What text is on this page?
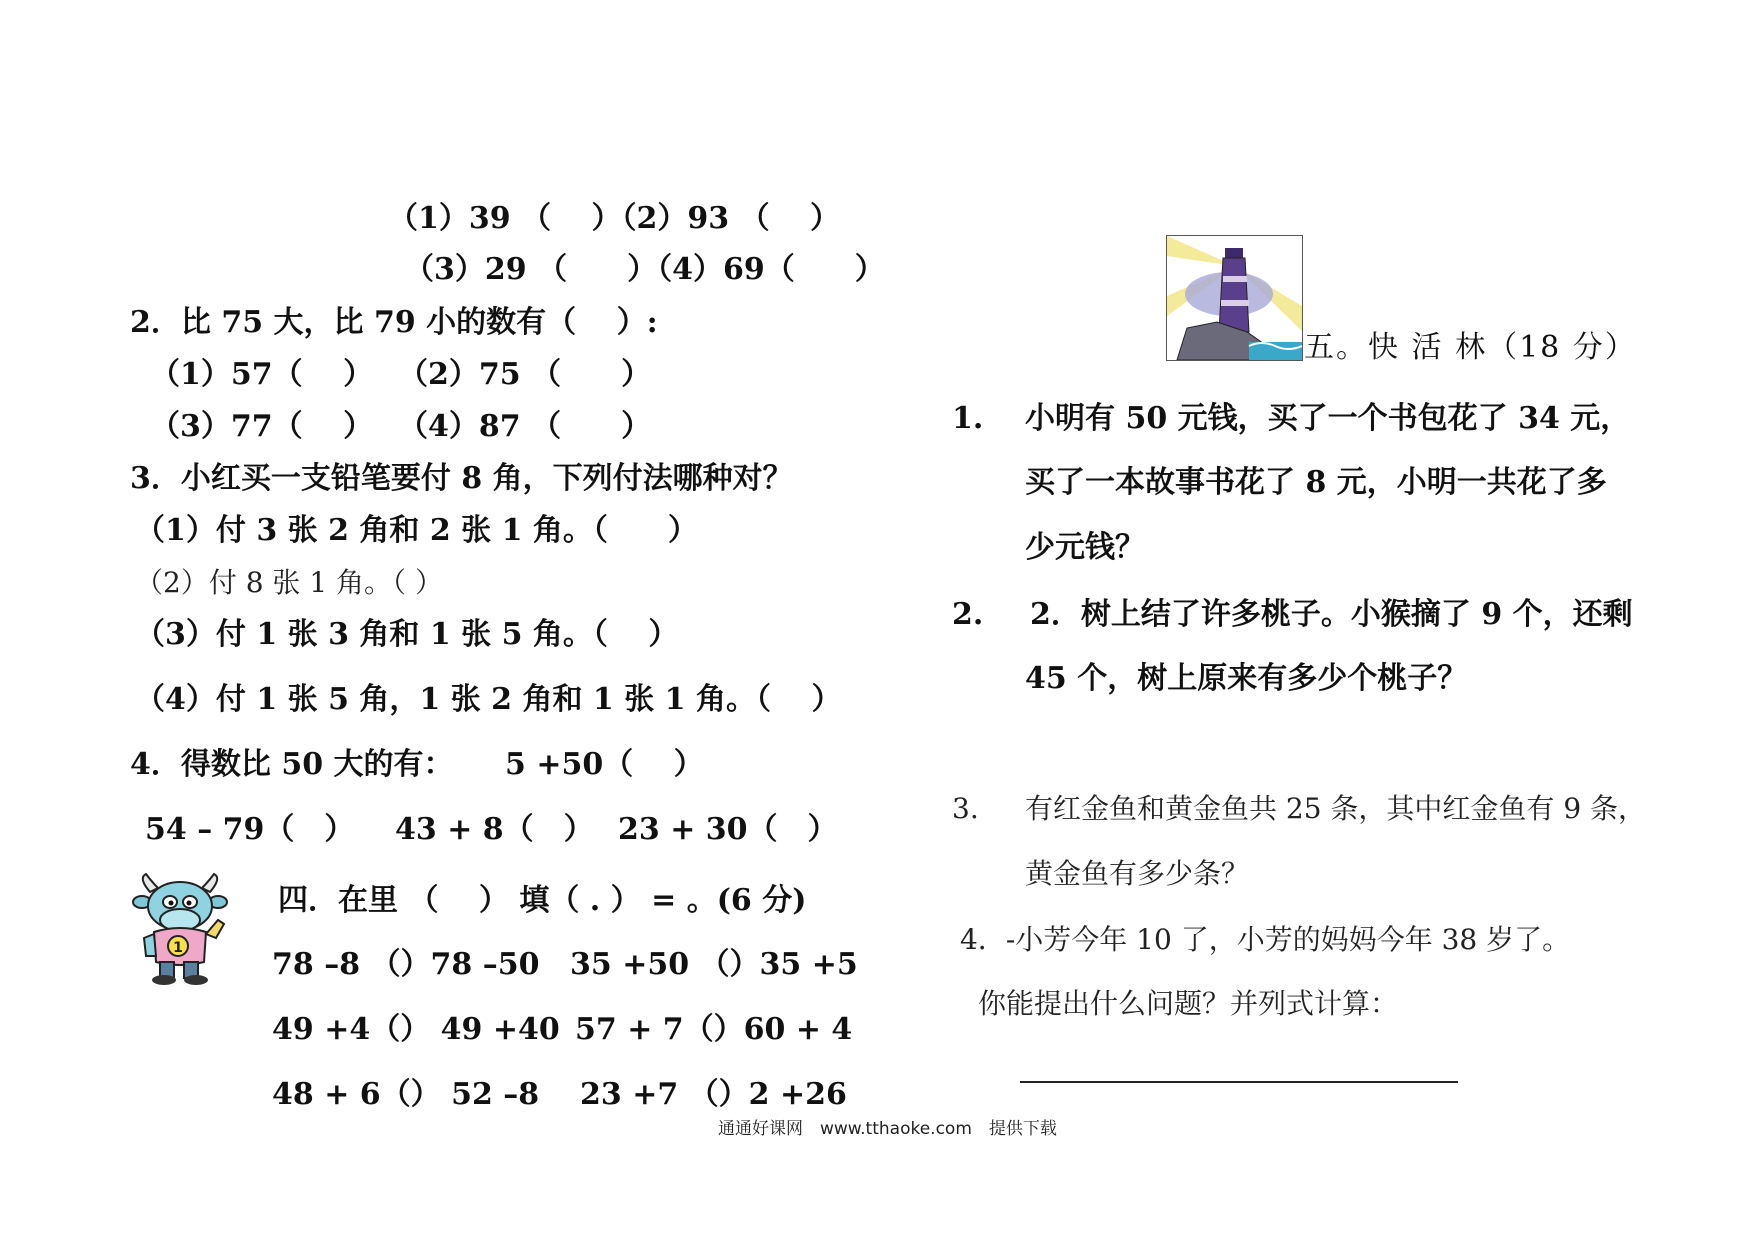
（1）39 （　 ）（2）93 （　 ）
（3）29 （　　）（4）69（　　）
2．比 75 大，比 79 小的数有（　 ）:
（1）57（　 ） （2）75 （　　）
（3）77（　 ） （4）87 （　　）
3．小红买一支铅笔要付 8 角，下列付法哪种对？
（1）付 3 张 2 角和 2 张 1 角。（　　）
（2）付 8 张 1 角。（ ）
（3）付 1 张 3 角和 1 张 5 角。（　 ）
（4）付 1 张 5 角，1 张 2 角和 1 张 1 角。（　 ）
4．得数比 50 大的有： 5 +50（　 ）
54 – 79（　） 43 + 8（　） 23 + 30（　）
1
四．在里 （　 ） 填（ . ） = 。(6 分)
78 –8 （）78 –50 35 +50 （）35 +5
49 +4（） 49 +40 57 + 7（）60 + 4
48 + 6（） 52 –8 23 +7 （）2 +26
五。快 活 林（18 分）
1. 小明有 50 元钱，买了一个书包花了 34 元，
买了一本故事书花了 8 元，小明一共花了多
少元钱？
2. 2．树上结了许多桃子。小猴摘了 9 个，还剩
45 个，树上原来有多少个桃子？
3. 有红金鱼和黄金鱼共 25 条，其中红金鱼有 9 条，
黄金鱼有多少条？
4．-小芳今年 10 了，小芳的妈妈今年 38 岁了。
你能提出什么问题？并列式计算：
通通好课网　www.tthaoke.com　提供下载
